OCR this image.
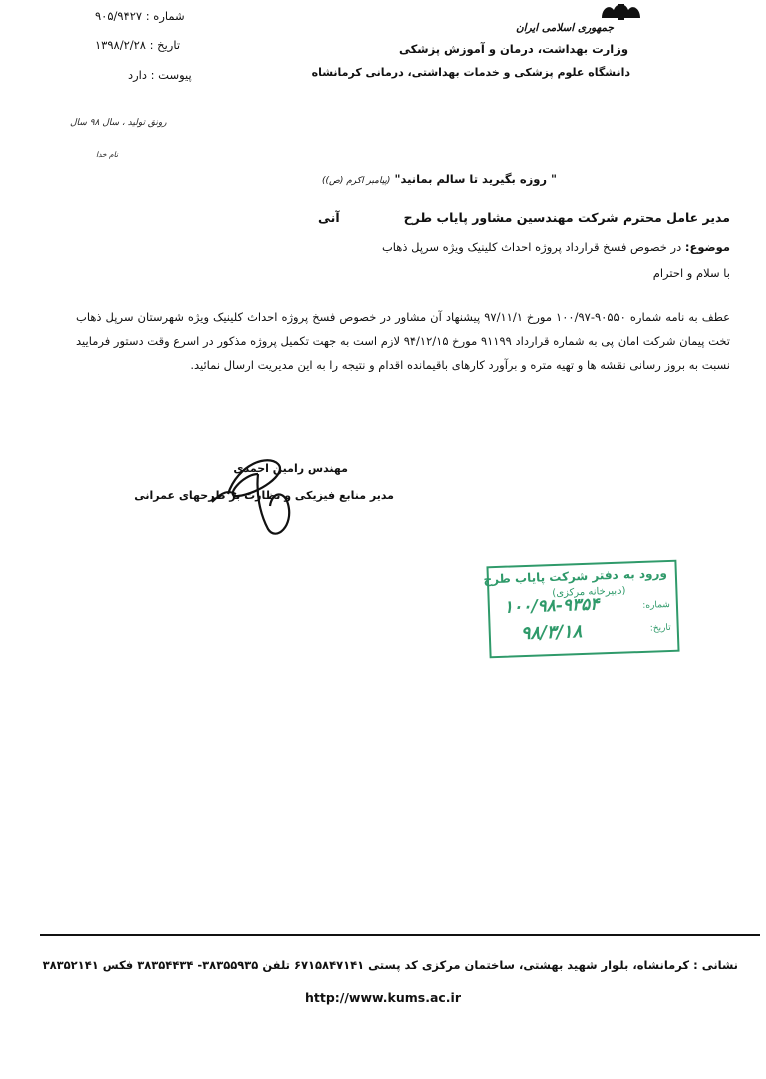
جمهوری اسلامی ایران
وزارت بهداشت، درمان و آموزش پزشکی
دانشگاه علوم پزشکی و خدمات بهداشتی، درمانی کرمانشاه
شماره : ۹۰۵/۹۴۲۷
تاریخ : ۱۳۹۸/۲/۲۸
پیوست : دارد
رونق تولید ، سال ۹۸ سال
نام خدا
" روزه بگیرید تا سالم بمانید" (پیامبر اکرم (ص))
مدیر عامل محترم شرکت مهندسین مشاور پایاب طرح
آنی
موضوع: در خصوص فسخ قرارداد پروژه احداث کلینیک ویژه سرپل ذهاب
با سلام و احترام
عطف به نامه شماره ۹۰۵۵۰-۱۰۰/۹۷ مورخ ۹۷/۱۱/۱ پیشنهاد آن مشاور در خصوص فسخ پروژه احداث کلینیک ویژه شهرستان سرپل ذهاب تخت پیمان شرکت امان پی به شماره قرارداد ۹۱۱۹۹ مورخ ۹۴/۱۲/۱۵ لازم است به جهت تکمیل پروژه مذکور در اسرع وقت دستور فرمایید نسبت به بروز رسانی نقشه ها و تهیه متره و برآورد کارهای باقیمانده اقدام و نتیجه را به این مدیریت ارسال نمائید.
مهندس رامین احمدی
مدیر منابع فیزیکی و نظارت بر طرحهای عمرانی
ورود به دفتر شرکت پایاب طرح
(دبیرخانه مرکزی)
شماره:
تاریخ:
۱۰۰/۹۸-۹۳۵۴
۹۸/۳/۱۸
نشانی : کرمانشاه، بلوار شهید بهشتی، ساختمان مرکزی کد پستی ۶۷۱۵۸۴۷۱۴۱ تلفن ۳۸۳۵۵۹۳۵- ۳۸۳۵۴۴۳۴ فکس ۳۸۳۵۲۱۴۱
http://www.kums.ac.ir
